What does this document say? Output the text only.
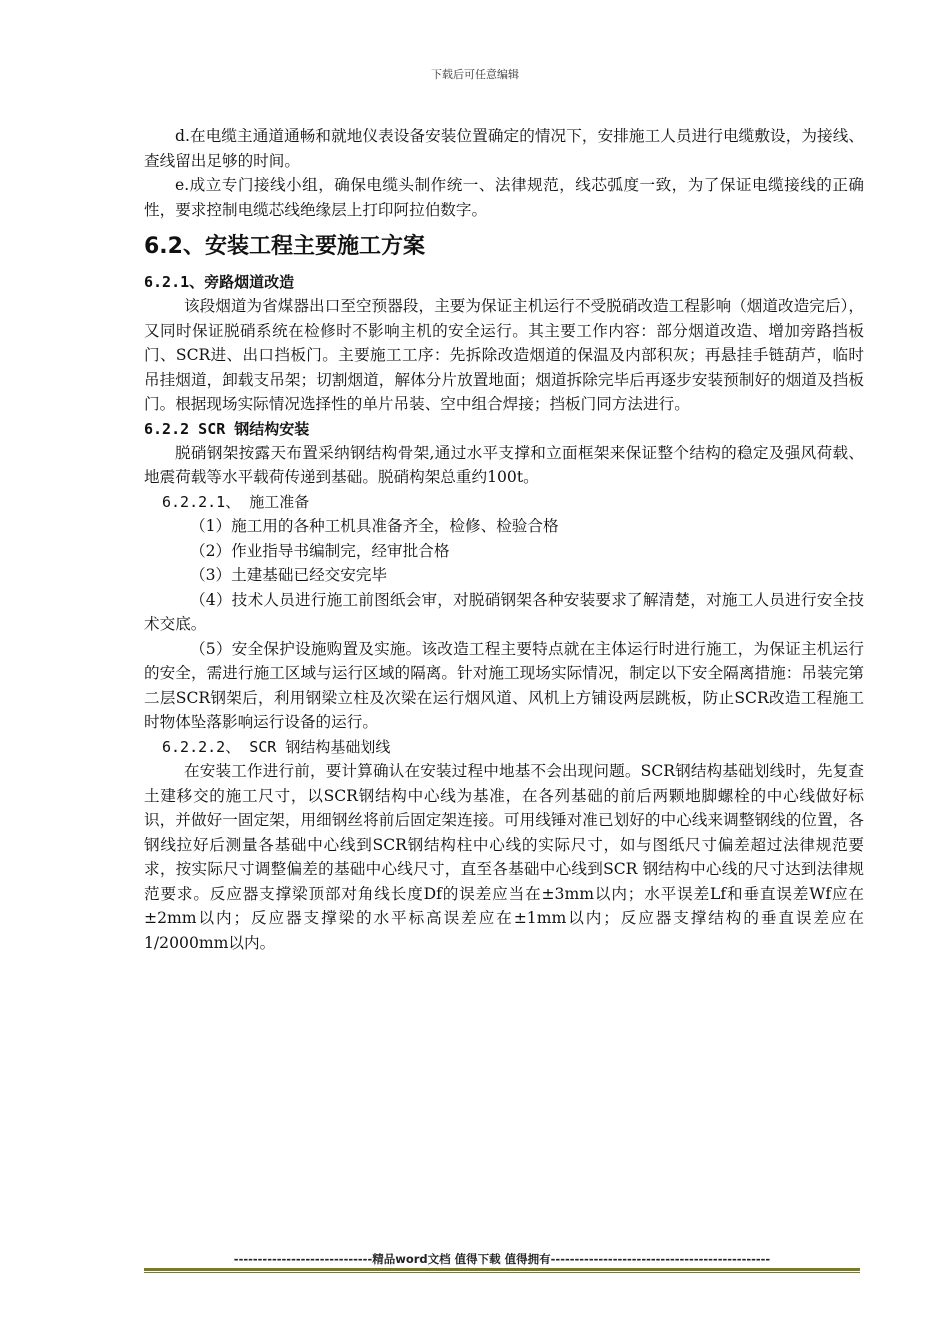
下载后可任意编辑

d.在电缆主通道通畅和就地仪表设备安装位置确定的情况下，安排施工人员进行电缆敷设，为接线、查线留出足够的时间。

e.成立专门接线小组，确保电缆头制作统一、法律规范，线芯弧度一致，为了保证电缆接线的正确性，要求控制电缆芯线绝缘层上打印阿拉伯数字。

6.2、安装工程主要施工方案
6.2.1、旁路烟道改造

该段烟道为省煤器出口至空预器段，主要为保证主机运行不受脱硝改造工程影响（烟道改造完后），又同时保证脱硝系统在检修时不影响主机的安全运行。其主要工作内容：部分烟道改造、增加旁路挡板门、SCR进、出口挡板门。主要施工工序：先拆除改造烟道的保温及内部积灰；再悬挂手链葫芦，临时吊挂烟道，卸载支吊架；切割烟道，解体分片放置地面；烟道拆除完毕后再逐步安装预制好的烟道及挡板门。根据现场实际情况选择性的单片吊装、空中组合焊接；挡板门同方法进行。

6.2.2 SCR 钢结构安装

脱硝钢架按露天布置采纳钢结构骨架,通过水平支撑和立面框架来保证整个结构的稳定及强风荷载、地震荷载等水平载荷传递到基础。脱硝构架总重约100t。

6.2.2.1、 施工准备

（1）施工用的各种工机具准备齐全，检修、检验合格

（2）作业指导书编制完，经审批合格

（3）土建基础已经交安完毕

（4）技术人员进行施工前图纸会审，对脱硝钢架各种安装要求了解清楚，对施工人员进行安全技术交底。

（5）安全保护设施购置及实施。该改造工程主要特点就在主体运行时进行施工，为保证主机运行的安全，需进行施工区域与运行区域的隔离。针对施工现场实际情况，制定以下安全隔离措施：吊装完第二层SCR钢架后，利用钢梁立柱及次梁在运行烟风道、风机上方铺设两层跳板，防止SCR改造工程施工时物体坠落影响运行设备的运行。

6.2.2.2、 SCR 钢结构基础划线

在安装工作进行前，要计算确认在安装过程中地基不会出现问题。SCR钢结构基础划线时，先复查土建移交的施工尺寸，以SCR钢结构中心线为基准，在各列基础的前后两颗地脚螺栓的中心线做好标识，并做好一固定架，用细钢丝将前后固定架连接。可用线锤对准已划好的中心线来调整钢线的位置，各钢线拉好后测量各基础中心线到SCR钢结构柱中心线的实际尺寸，如与图纸尺寸偏差超过法律规范要求，按实际尺寸调整偏差的基础中心线尺寸，直至各基础中心线到SCR 钢结构中心线的尺寸达到法律规范要求。反应器支撑梁顶部对角线长度Df的误差应当在±3mm以内；水平误差Lf和垂直误差Wf应在±2mm以内；反应器支撑梁的水平标高误差应在±1mm以内；反应器支撑结构的垂直误差应在1/2000mm以内。

-----------------------------精品word文档 值得下载 值得拥有----------------------------------------------
